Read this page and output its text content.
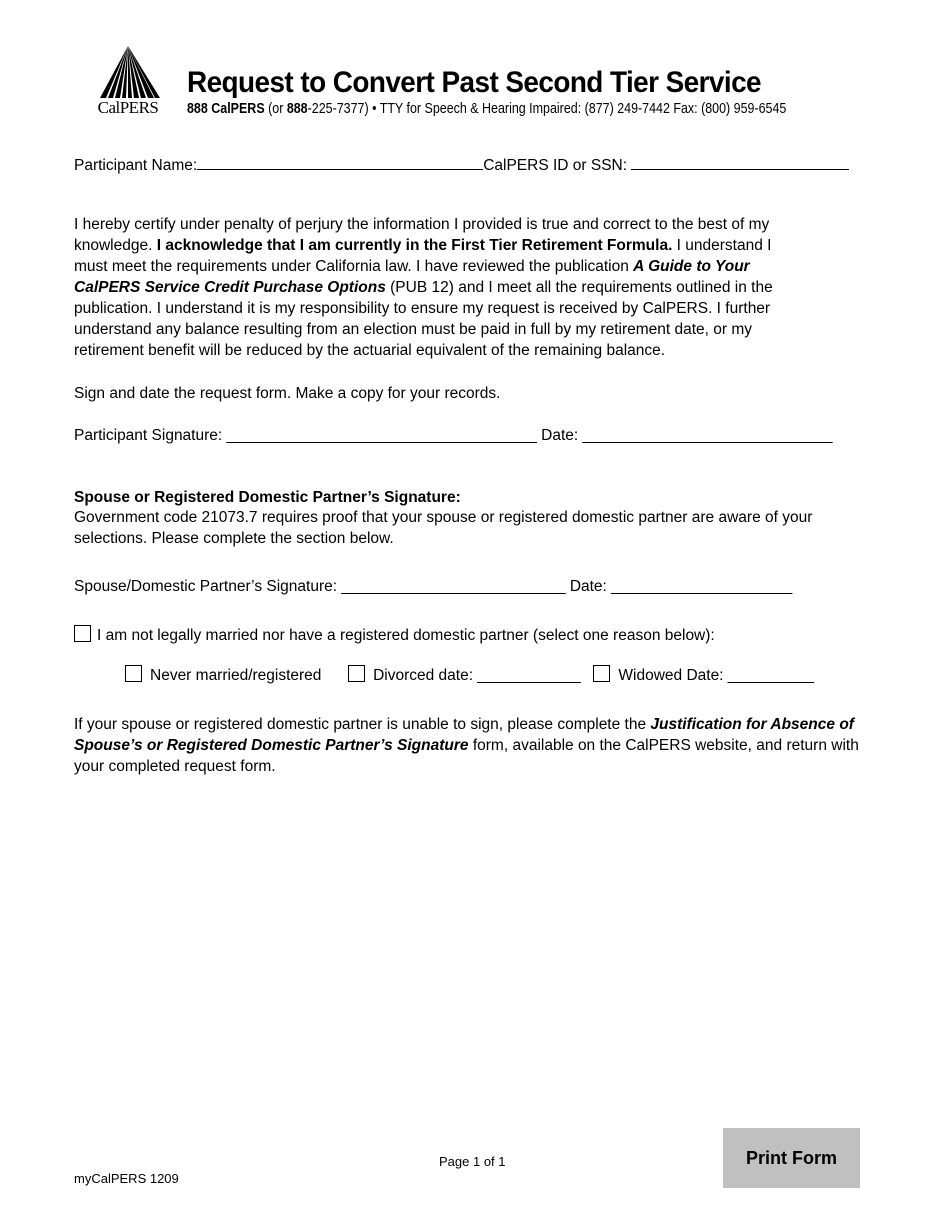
CalPERS
Request to Convert Past Second Tier Service
888 CalPERS (or 888-225-7377) • TTY for Speech & Hearing Impaired: (877) 249-7442 Fax: (800) 959-6545
Participant Name:	CalPERS ID or SSN:

I hereby certify under penalty of perjury the information I provided is true and correct to the best of my knowledge. I acknowledge that I am currently in the First Tier Retirement Formula. I understand I must meet the requirements under California law. I have reviewed the publication A Guide to Your CalPERS Service Credit Purchase Options (PUB 12) and I meet all the requirements outlined in the publication. I understand it is my responsibility to ensure my request is received by CalPERS. I further understand any balance resulting from an election must be paid in full by my retirement date, or my retirement benefit will be reduced by the actuarial equivalent of the remaining balance.

Sign and date the request form. Make a copy for your records.
Participant Signature: ____________________________________ Date: _____________________________
Spouse or Registered Domestic Partner’s Signature:
Government code 21073.7 requires proof that your spouse or registered domestic partner are aware of your selections. Please complete the section below.
Spouse/Domestic Partner’s Signature: __________________________ Date: _____________________
I am not legally married nor have a registered domestic partner (select one reason below):
Never married/registered	Divorced date: ____________ Widowed Date: __________
If your spouse or registered domestic partner is unable to sign, please complete the Justification for Absence of Spouse’s or Registered Domestic Partner’s Signature form, available on the CalPERS website, and return with your completed request form.
Page 1 of 1
myCalPERS 1209
Print Form
